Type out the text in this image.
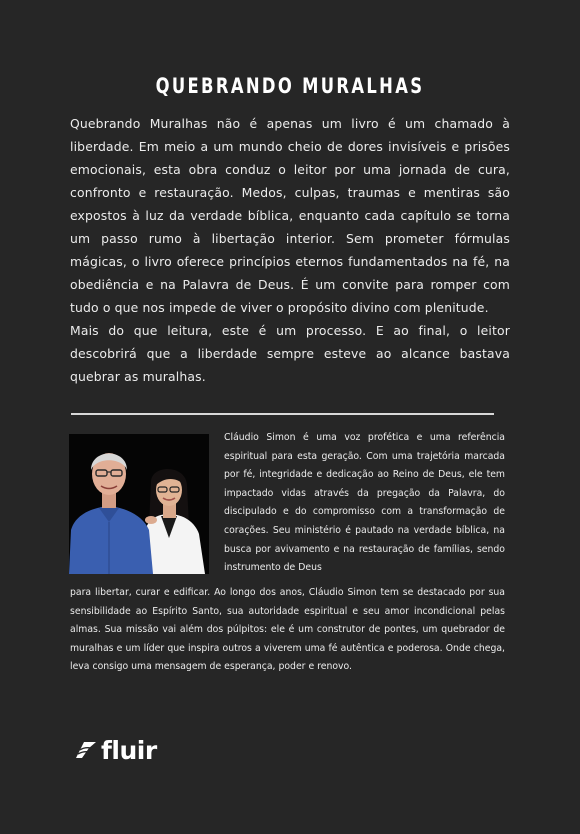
QUEBRANDO MURALHAS

Quebrando Muralhas não é apenas um livro é um chamado à liberdade. Em meio a um mundo cheio de dores invisíveis e prisões emocionais, esta obra conduz o leitor por uma jornada de cura, confronto e restauração. Medos, culpas, traumas e mentiras são expostos à luz da verdade bíblica, enquanto cada capítulo se torna um passo rumo à libertação interior. Sem prometer fórmulas mágicas, o livro oferece princípios eternos fundamentados na fé, na obediência e na Palavra de Deus. É um convite para romper com tudo o que nos impede de viver o propósito divino com plenitude.

Mais do que leitura, este é um processo. E ao final, o leitor descobrirá que a liberdade sempre esteve ao alcance bastava quebrar as muralhas.

Cláudio Simon é uma voz profética e uma referência espiritual para esta geração. Com uma trajetória marcada por fé, integridade e dedicação ao Reino de Deus, ele tem impactado vidas através da pregação da Palavra, do discipulado e do compromisso com a transformação de corações. Seu ministério é pautado na verdade bíblica, na busca por avivamento e na restauração de famílias, sendo instrumento de Deus

para libertar, curar e edificar. Ao longo dos anos, Cláudio Simon tem se destacado por sua sensibilidade ao Espírito Santo, sua autoridade espiritual e seu amor incondicional pelas almas. Sua missão vai além dos púlpitos: ele é um construtor de pontes, um quebrador de muralhas e um líder que inspira outros a viverem uma fé autêntica e poderosa. Onde chega, leva consigo uma mensagem de esperança, poder e renovo.

fluir
